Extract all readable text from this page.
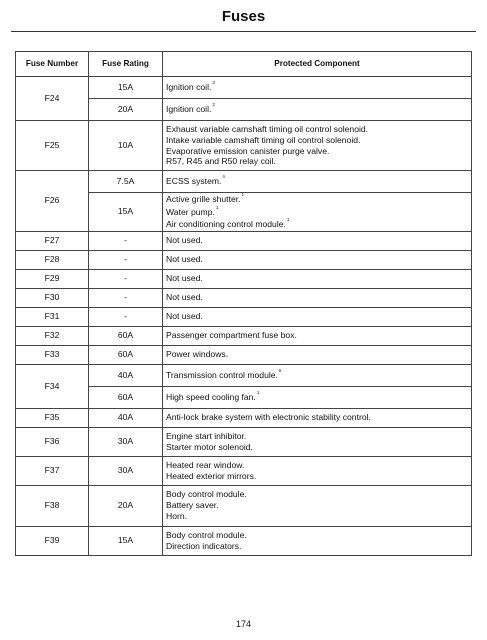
Fuses
Fuse Number	Fuse Rating	Protected Component
F24	15A	Ignition coil.$^3$

	20A	Ignition coil.$^2$

F25	10A	Exhaust variable camshaft timing oil control solenoid.
Intake variable camshaft timing oil control solenoid.
Evaporative emission canister purge valve.
R57, R45 and R50 relay coil.

F26	7.5A	ECSS system.$^4$

	15A	Active grille shutter.$^1$
Water pump.$^1$
Air conditioning control module.$^1$

F27	-	Not used.

F28	-	Not used.

F29	-	Not used.

F30	-	Not used.

F31	-	Not used.

F32	60A	Passenger compartment fuse box.

F33	60A	Power windows.

F34	40A	Transmission control module.$^6$

	60A	High speed cooling fan.$^1$

F35	40A	Anti-lock brake system with electronic stability control.

F36	30A	Engine start inhibitor.
Starter motor solenoid.

F37	30A	Heated rear window.
Heated exterior mirrors.

F38	20A	Body control module.
Battery saver.
Horn.

F39	15A	Body control module.
Direction indicators.
174
